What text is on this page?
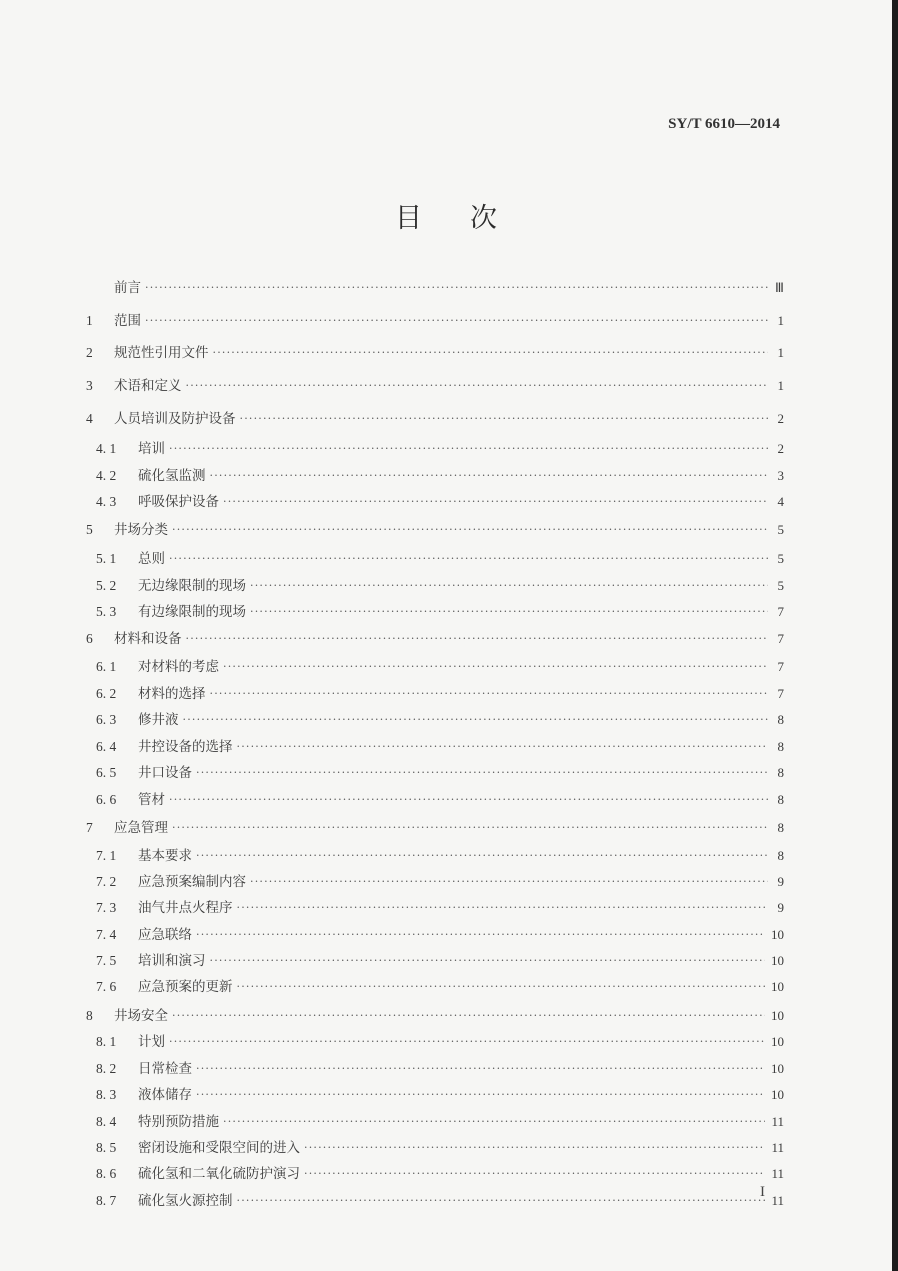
SY/T 6610—2014
目次
前言 ·····	Ⅲ
1	范围 ·····	1
2	规范性引用文件 ·····	1
3	术语和定义 ·····	1
4	人员培训及防护设备 ·····	2
4. 1	培训 ·····	2
4. 2	硫化氢监测 ·····	3
4. 3	呼吸保护设备 ·····	4
5	井场分类 ·····	5
5. 1	总则 ·····	5
5. 2	无边缘限制的现场 ·····	5
5. 3	有边缘限制的现场 ·····	7
6	材料和设备 ·····	7
6. 1	对材料的考虑 ·····	7
6. 2	材料的选择 ·····	7
6. 3	修井液 ·····	8
6. 4	井控设备的选择 ·····	8
6. 5	井口设备 ·····	8
6. 6	管材 ·····	8
7	应急管理 ·····	8
7. 1	基本要求 ·····	8
7. 2	应急预案编制内容 ·····	9
7. 3	油气井点火程序 ·····	9
7. 4	应急联络 ·····	10
7. 5	培训和演习 ·····	10
7. 6	应急预案的更新 ·····	10
8	井场安全 ·····	10
8. 1	计划 ·····	10
8. 2	日常检查 ·····	10
8. 3	液体储存 ·····	10
8. 4	特别预防措施 ·····	11
8. 5	密闭设施和受限空间的进入 ·····	11
8. 6	硫化氢和二氧化硫防护演习 ·····	11
8. 7	硫化氢火源控制 ·····	11
I
